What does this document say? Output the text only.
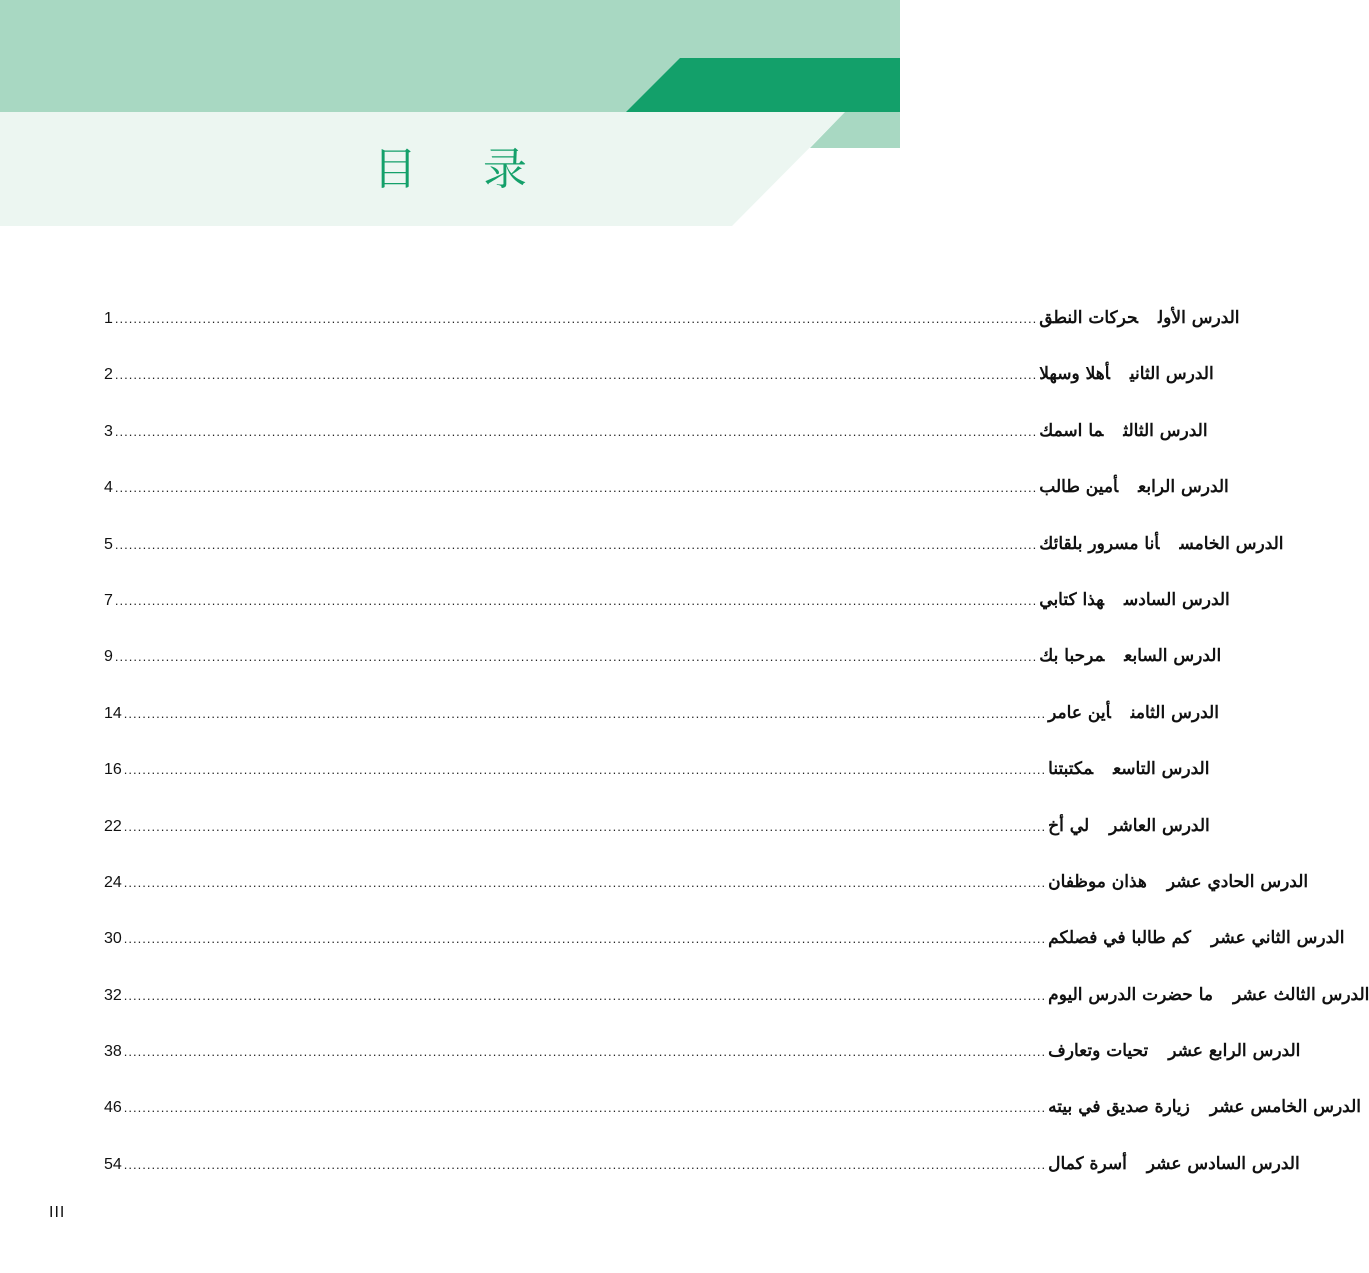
目 录
1 ........................................................................................................................................................................................................	الدرس الأولحركات النطق
2 ........................................................................................................................................................................................................	الدرس الثانيأهلا وسهلا
3 ........................................................................................................................................................................................................	الدرس الثالثما اسمك
4 ........................................................................................................................................................................................................	الدرس الرابعأمين طالب
5 ........................................................................................................................................................................................................	الدرس الخامسأنا مسرور بلقائك
7 ........................................................................................................................................................................................................	الدرس السادسهذا كتابي
9 ........................................................................................................................................................................................................	الدرس السابعمرحبا بك
14 ........................................................................................................................................................................................................	الدرس الثامنأين عامر
16 ........................................................................................................................................................................................................	الدرس التاسعمكتبتنا
22 ........................................................................................................................................................................................................	الدرس العاشرلي أخ
24 ........................................................................................................................................................................................................	الدرس الحادي عشرهذان موظفان
30 ........................................................................................................................................................................................................	الدرس الثاني عشركم طالبا في فصلكم
32 ........................................................................................................................................................................................................	الدرس الثالث عشرما حضرت الدرس اليوم
38 ........................................................................................................................................................................................................	الدرس الرابع عشرتحيات وتعارف
46 ........................................................................................................................................................................................................	الدرس الخامس عشرزيارة صديق في بيته
54 ........................................................................................................................................................................................................	الدرس السادس عشرأسرة كمال
III
